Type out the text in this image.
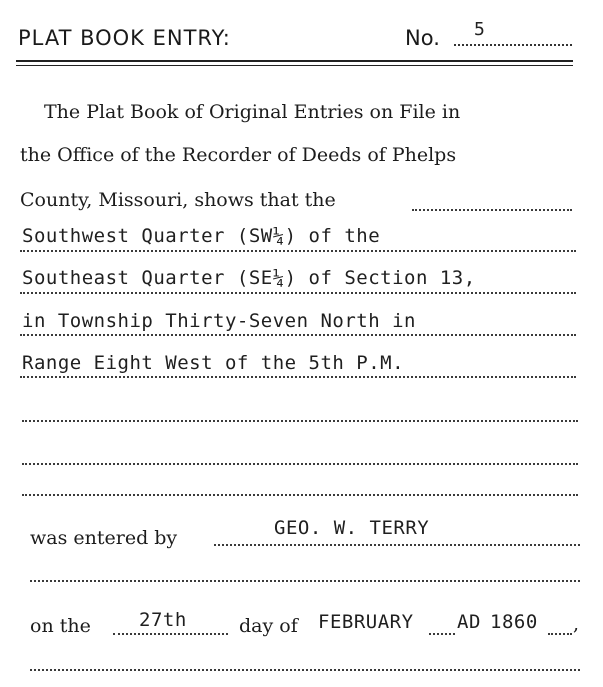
PLAT BOOK ENTRY:	No. 5
The Plat Book of Original Entries on File in
the Office of the Recorder of Deeds of Phelps
County, Missouri, shows that the
Southwest Quarter (SW¼) of the
Southeast Quarter (SE¼) of Section 13,
in Township Thirty-Seven North in
Range Eight West of the 5th P.M.
was entered by	GEO. W. TERRY
on the	27th	day of FEBRUARY AD 1860 ,
